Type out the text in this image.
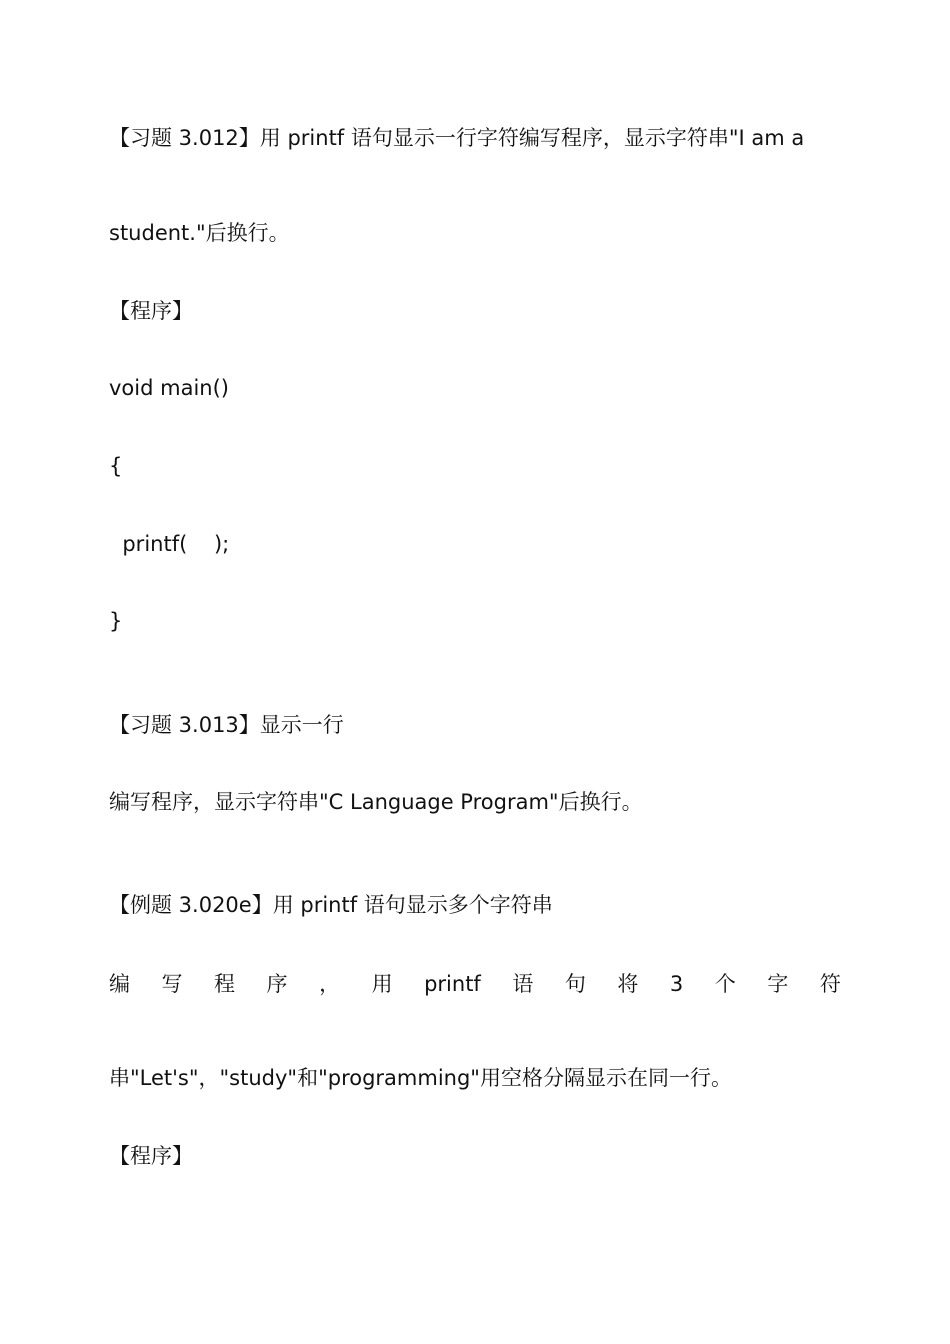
【习题 3.012】用 printf 语句显示一行字符编写程序，显示字符串"I am a
student."后换行。
【程序】
void main()
{
printf(    );
}
【习题 3.013】显示一行
编写程序，显示字符串"C Language Program"后换行。
【例题 3.020e】用 printf 语句显示多个字符串
编 写 程 序 ， 用 printf 语 句 将 3 个 字 符
串"Let's"，"study"和"programming"用空格分隔显示在同一行。
【程序】
